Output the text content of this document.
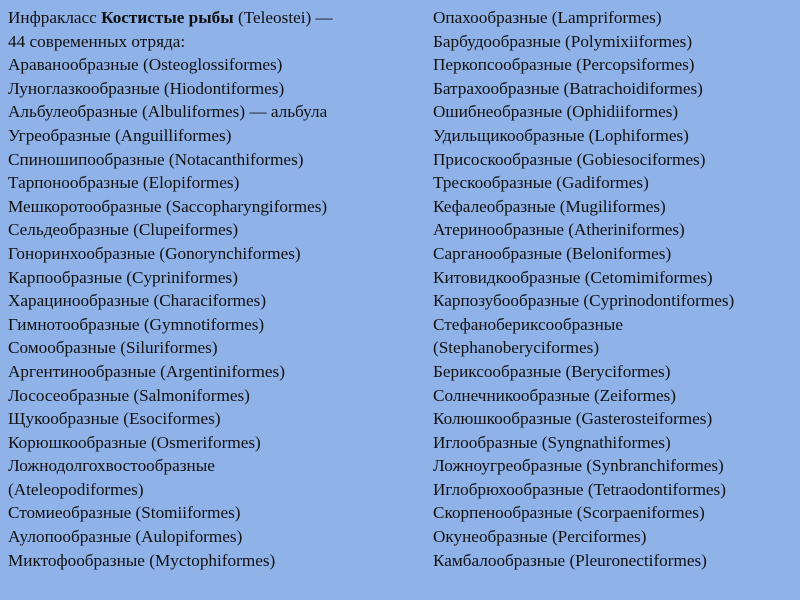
Инфракласс Костистые рыбы (Teleostei) —
44 современных отряда:
Араванообразные (Osteoglossiformes)
Луноглазкообразные (Hiodontiformes)
Альбулеобразные (Albuliformes) — альбула
Угреобразные (Anguilliformes)
Спиношипообразные (Notacanthiformes)
Тарпонообразные (Elopiformes)
Мешкоротообразные (Saccopharyngiformes)
Сельдеобразные (Clupeiformes)
Гоноринхообразные (Gonorynchiformes)
Карпообразные (Cypriniformes)
Харацинообразные (Characiformes)
Гимнотообразные (Gymnotiformes)
Сомообразные (Siluriformes)
Аргентинообразные (Argentiniformes)
Лососеобразные (Salmoniformes)
Щукообразные (Esociformes)
Корюшкообразные (Osmeriformes)
Ложнодолгохвостообразные
(Ateleopodiformes)
Стомиеобразные (Stomiiformes)
Аулопообразные (Aulopiformes)
Миктофообразные (Myctophiformes)
Опахообразные (Lampriformes)
Барбудообразные (Polymixiiformes)
Перкопсообразные (Percopsiformes)
Батрахообразные (Batrachoidiformes)
Ошибнеобразные (Ophidiiformes)
Удильщикообразные (Lophiformes)
Присоскообразные (Gobiesociformes)
Трескообразные (Gadiformes)
Кефалеобразные (Mugiliformes)
Атеринообразные (Atheriniformes)
Сарганообразные (Beloniformes)
Китовидкообразные (Cetomimiformes)
Карпозубообразные (Cyprinodontiformes)
Стефанобериксообразные
(Stephanoberyciformes)
Бериксообразные (Beryciformes)
Солнечникообразные (Zeiformes)
Колюшкообразные (Gasterosteiformes)
Иглообразные (Syngnathiformes)
Ложноугреобразные (Synbranchiformes)
Иглобрюхообразные (Tetraodontiformes)
Скорпенообразные (Scorpaeniformes)
Окунеобразные (Perciformes)
Камбалообразные (Pleuronectiformes)
